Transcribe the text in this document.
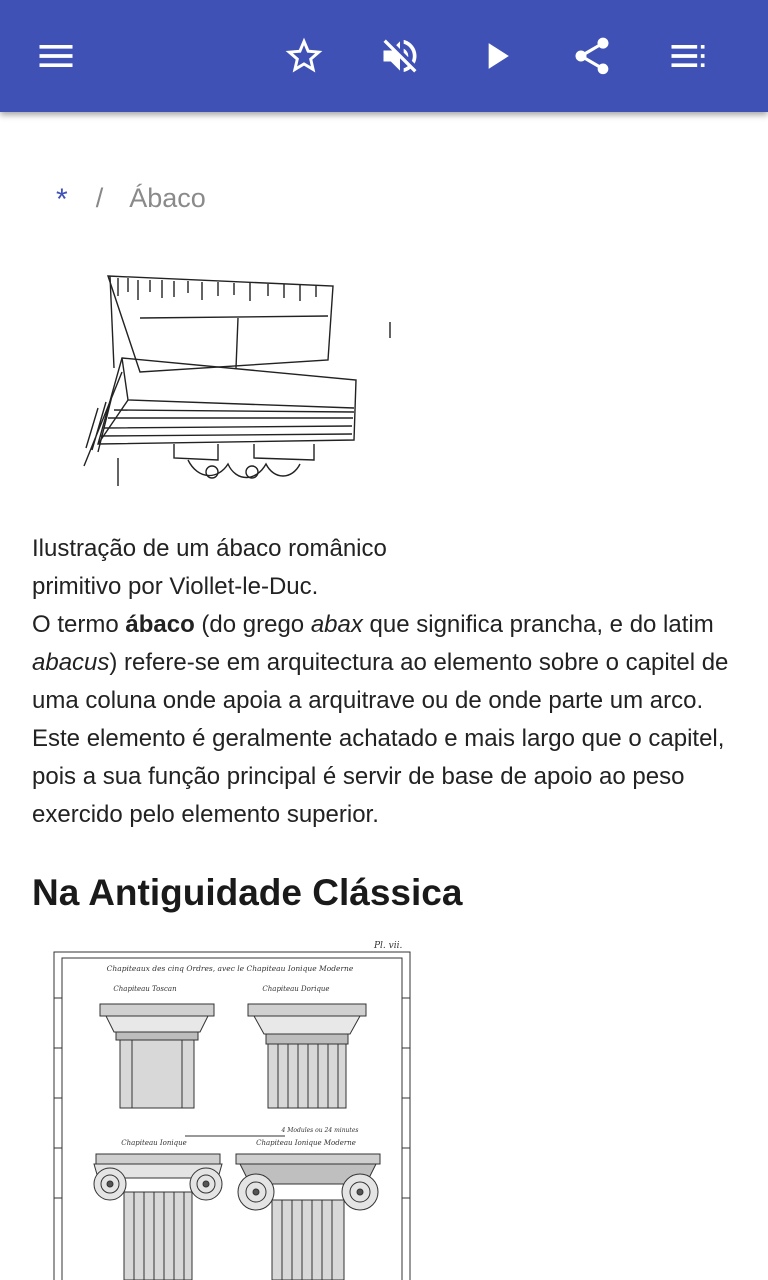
* / Ábaco
Ilustração de um ábaco românico primitivo por Viollet-le-Duc.
O termo ábaco (do grego abax que significa prancha, e do latim abacus) refere-se em arquitectura ao elemento sobre o capitel de uma coluna onde apoia a arquitrave ou de onde parte um arco. Este elemento é geralmente achatado e mais largo que o capitel, pois a sua função principal é servir de base de apoio ao peso exercido pelo elemento superior.
Na Antiguidade Clássica
Pl. vii.
Chapiteaux des cinq Ordres, avec le Chapiteau Ionique Moderne
Chapiteau Toscan	Chapiteau Dorique
Chapiteau Ionique	Chapiteau Ionique Moderne
4 Modules ou 24 minutes
